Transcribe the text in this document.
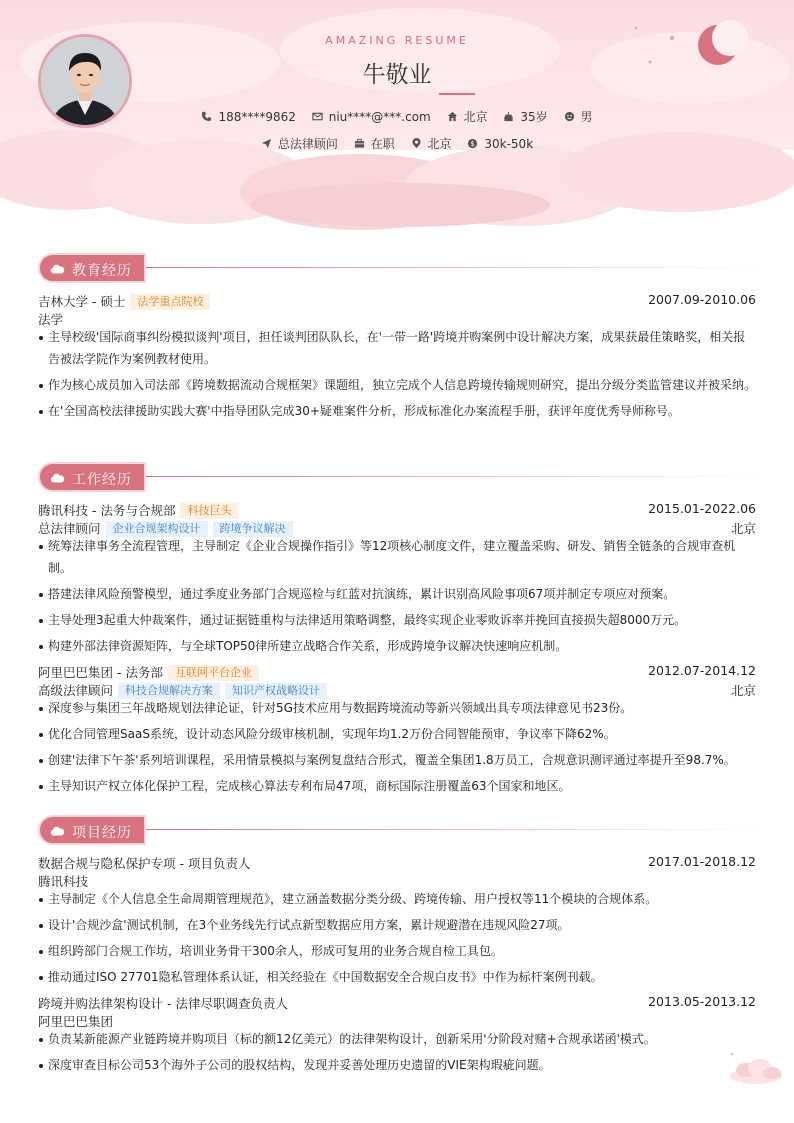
AMAZING RESUME
牛敬业
188****9862	niu****@***.com	北京	35岁	男
总法律顾问	在职	北京	$ 30k-50k
教育经历
吉林大学 - 硕士 法学重点院校	2007.09-2010.06
法学
主导校级'国际商事纠纷模拟谈判'项目，担任谈判团队队长，在'一带一路'跨境并购案例中设计解决方案，成果获最佳策略奖，相关报告被法学院作为案例教材使用。
作为核心成员加入司法部《跨境数据流动合规框架》课题组，独立完成个人信息跨境传输规则研究，提出分级分类监管建议并被采纳。
在'全国高校法律援助实践大赛'中指导团队完成30+疑难案件分析，形成标准化办案流程手册，获评年度优秀导师称号。
工作经历
腾讯科技 - 法务与合规部 科技巨头	2015.01-2022.06
总法律顾问 企业合规架构设计 跨境争议解决	北京
统筹法律事务全流程管理，主导制定《企业合规操作指引》等12项核心制度文件，建立覆盖采购、研发、销售全链条的合规审查机制。
搭建法律风险预警模型，通过季度业务部门合规巡检与红蓝对抗演练，累计识别高风险事项67项并制定专项应对预案。
主导处理3起重大仲裁案件，通过证据链重构与法律适用策略调整，最终实现企业零败诉率并挽回直接损失超8000万元。
构建外部法律资源矩阵，与全球TOP50律所建立战略合作关系，形成跨境争议解决快速响应机制。
阿里巴巴集团 - 法务部 互联网平台企业	2012.07-2014.12
高级法律顾问 科技合规解决方案 知识产权战略设计	北京
深度参与集团三年战略规划法律论证，针对5G技术应用与数据跨境流动等新兴领域出具专项法律意见书23份。
优化合同管理SaaS系统，设计动态风险分级审核机制，实现年均1.2万份合同智能预审，争议率下降62%。
创建'法律下午茶'系列培训课程，采用情景模拟与案例复盘结合形式，覆盖全集团1.8万员工，合规意识测评通过率提升至98.7%。
主导知识产权立体化保护工程，完成核心算法专利布局47项，商标国际注册覆盖63个国家和地区。
项目经历
数据合规与隐私保护专项 - 项目负责人	2017.01-2018.12
腾讯科技
主导制定《个人信息全生命周期管理规范》，建立涵盖数据分类分级、跨境传输、用户授权等11个模块的合规体系。
设计'合规沙盒'测试机制，在3个业务线先行试点新型数据应用方案，累计规避潜在违规风险27项。
组织跨部门合规工作坊，培训业务骨干300余人，形成可复用的业务合规自检工具包。
推动通过ISO 27701隐私管理体系认证，相关经验在《中国数据安全合规白皮书》中作为标杆案例刊载。
跨境并购法律架构设计 - 法律尽职调查负责人	2013.05-2013.12
阿里巴巴集团
负责某新能源产业链跨境并购项目（标的额12亿美元）的法律架构设计，创新采用'分阶段对赌+合规承诺函'模式。
深度审查目标公司53个海外子公司的股权结构，发现并妥善处理历史遗留的VIE架构瑕疵问题。
